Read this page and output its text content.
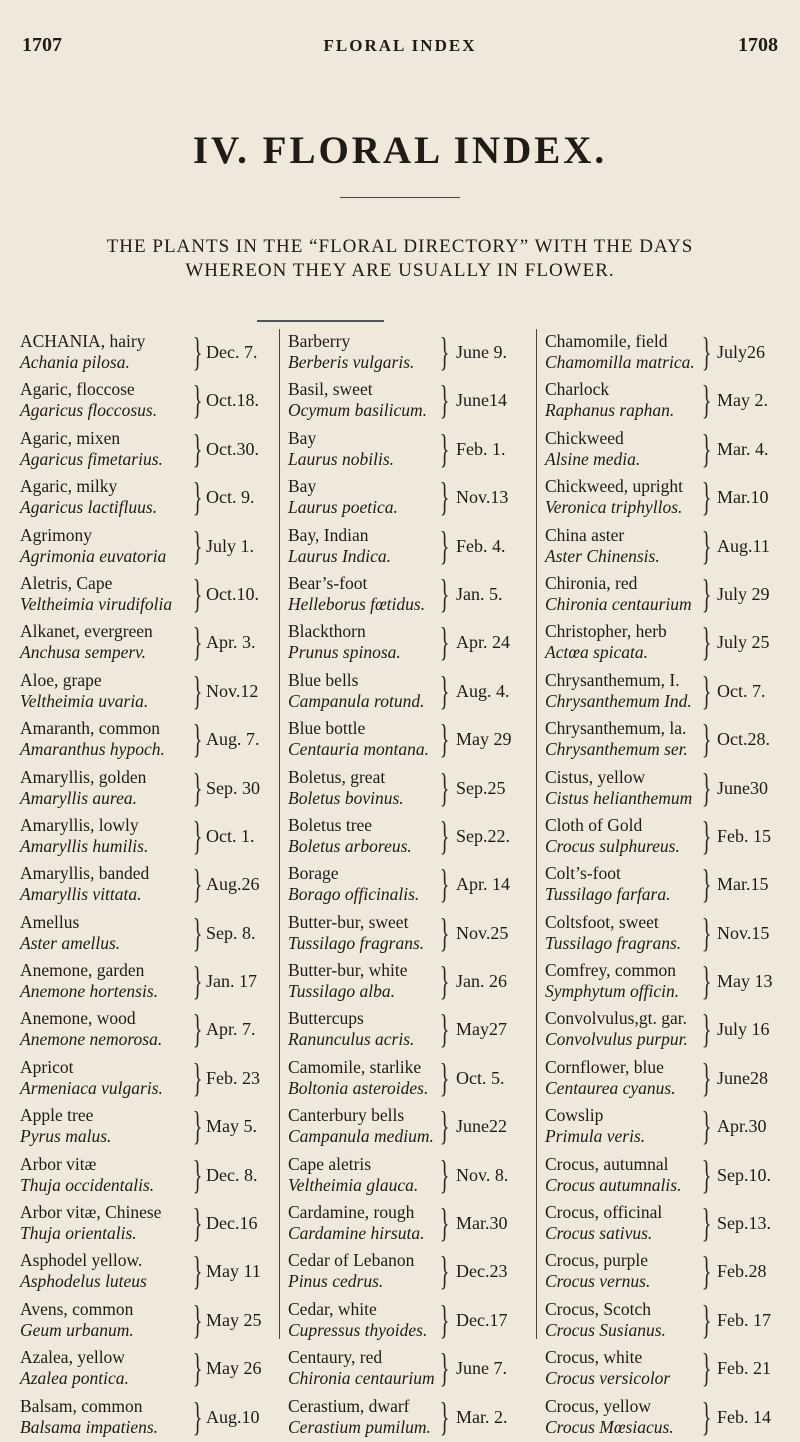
1707	FLORAL INDEX	1708
IV. FLORAL INDEX.
THE PLANTS IN THE “FLORAL DIRECTORY” WITH THE DAYS
WHEREON THEY ARE USUALLY IN FLOWER.
ACHANIA, hairy
Achania pilosa.	} Dec. 7.
Agaric, floccose
Agaricus floccosus. } Oct.18.
Agaric, mixen
Agaricus fimetarius. } Oct.30.
Agaric, milky
Agaricus lactifluus. } Oct. 9.
Agrimony
Agrimonia euvatoria } July 1.
Aletris, Cape
Veltheimia virudifolia } Oct.10.
Alkanet, evergreen
Anchusa semperv. } Apr. 3.
Aloe, grape
Veltheimia uvaria. } Nov.12
Amaranth, common
Amaranthus hypoch. } Aug. 7.
Amaryllis, golden
Amaryllis aurea. } Sep. 30
Amaryllis, lowly
Amaryllis humilis. } Oct. 1.
Amaryllis, banded
Amaryllis vittata. } Aug.26
Amellus
Aster amellus. } Sep. 8.
Anemone, garden
Anemone hortensis. } Jan. 17
Anemone, wood
Anemone nemorosa. } Apr. 7.
Apricot
Armeniaca vulgaris. } Feb. 23
Apple tree
Pyrus malus. } May 5.
Arbor vitæ
Thuja occidentalis. } Dec. 8.
Arbor vitæ, Chinese
Thuja orientalis.	} Dec.16
Asphodel yellow.
Asphodelus luteus } May 11
Avens, common
Geum urbanum. } May 25
Azalea, yellow
Azalea pontica. } May 26
Balsam, common
Balsama impatiens. } Aug.10
Barberry
Berberis vulgaris. } June 9.
Basil, sweet
Ocymum basilicum. } June14
Bay
Laurus nobilis. } Feb. 1.
Bay
Laurus poetica. } Nov.13
Bay, Indian
Laurus Indica. } Feb. 4.
Bear’s-foot
Helleborus fœtidus. } Jan. 5.
Blackthorn
Prunus spinosa. } Apr. 24
Blue bells
Campanula rotund. } Aug. 4.
Blue bottle
Centauria montana. } May 29
Boletus, great
Boletus bovinus. } Sep.25
Boletus tree
Boletus arboreus. } Sep.22.
Borage
Borago officinalis. } Apr. 14
Butter-bur, sweet
Tussilago fragrans. } Nov.25
Butter-bur, white
Tussilago alba.	} Jan. 26
Buttercups
Ranunculus acris. } May27
Camomile, starlike
Boltonia asteroides. } Oct. 5.
Canterbury bells
Campanula medium. } June22
Cape aletris
Veltheimia glauca. } Nov. 8.
Cardamine, rough
Cardamine hirsuta. } Mar.30
Cedar of Lebanon
Pinus cedrus.	} Dec.23
Cedar, white
Cupressus thyoides. } Dec.17
Centaury, red
Chironia centaurium } June 7.
Cerastium, dwarf
Cerastium pumilum. } Mar. 2.
Chamomile, field
Chamomilla matrica. } July26
Charlock
Raphanus raphan. } May 2.
Chickweed
Alsine media. } Mar. 4.
Chickweed, upright
Veronica triphyllos. } Mar.10
China aster
Aster Chinensis. } Aug.11
Chironia, red
Chironia centaurium } July 29
Christopher, herb
Actœa spicata.	} July 25
Chrysanthemum, I.
Chrysanthemum Ind. } Oct. 7.
Chrysanthemum, la.
Chrysanthemum ser. } Oct.28.
Cistus, yellow
Cistus helianthemum } June30
Cloth of Gold
Crocus sulphureus. } Feb. 15
Colt’s-foot
Tussilago farfara. } Mar.15
Coltsfoot, sweet
Tussilago fragrans. } Nov.15
Comfrey, common
Symphytum officin. } May 13
Convolvulus,gt. gar.
Convolvulus purpur. } July 16
Cornflower, blue
Centaurea cyanus. } June28
Cowslip
Primula veris. } Apr.30
Crocus, autumnal
Crocus autumnalis. } Sep.10.
Crocus, officinal
Crocus sativus. } Sep.13.
Crocus, purple
Crocus vernus. } Feb.28
Crocus, Scotch
Crocus Susianus. } Feb. 17
Crocus, white
Crocus versicolor } Feb. 21
Crocus, yellow
Crocus Mœsiacus. } Feb. 14
